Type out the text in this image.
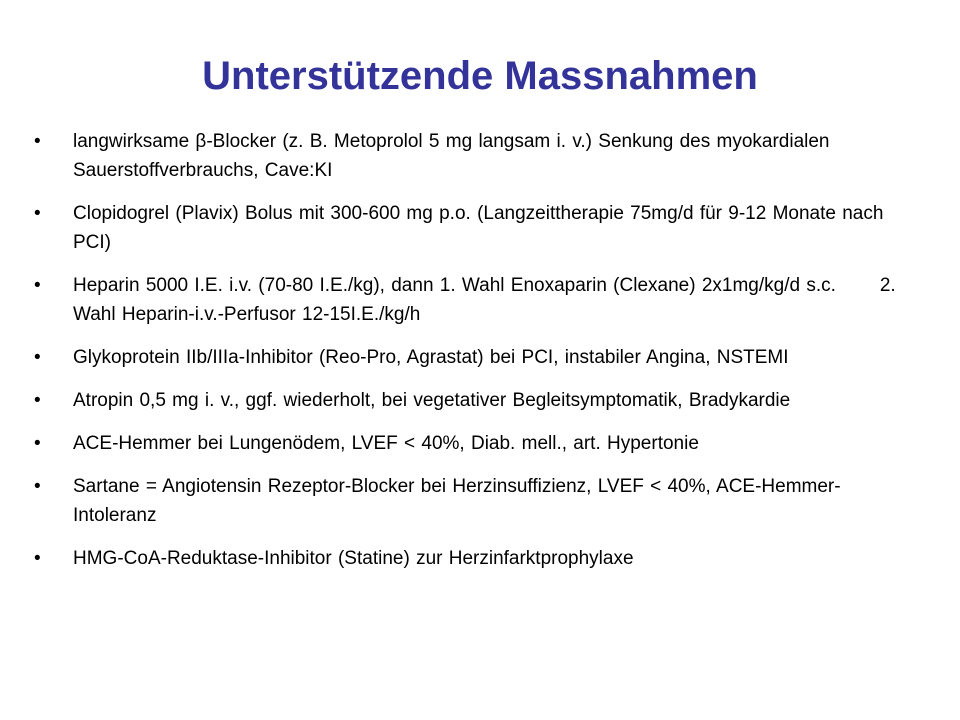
Unterstützende Massnahmen
• langwirksame β-Blocker (z. B. Metoprolol 5 mg langsam i. v.) Senkung des myokardialen Sauerstoffverbrauchs, Cave:KI
• Clopidogrel (Plavix) Bolus mit 300-600 mg p.o. (Langzeittherapie 75mg/d für 9-12 Monate nach PCI)
• Heparin 5000 I.E. i.v. (70-80 I.E./kg), dann 1. Wahl Enoxaparin (Clexane) 2x1mg/kg/d s.c.       2. Wahl Heparin-i.v.-Perfusor 12-15I.E./kg/h
• Glykoprotein IIb/IIIa-Inhibitor (Reo-Pro, Agrastat) bei PCI, instabiler Angina, NSTEMI
• Atropin 0,5 mg i. v., ggf. wiederholt, bei vegetativer Begleitsymptomatik, Bradykardie
• ACE-Hemmer bei Lungenödem, LVEF < 40%, Diab. mell., art. Hypertonie
• Sartane = Angiotensin Rezeptor-Blocker bei Herzinsuffizienz, LVEF < 40%, ACE-Hemmer-Intoleranz
• HMG-CoA-Reduktase-Inhibitor (Statine) zur Herzinfarktprophylaxe
